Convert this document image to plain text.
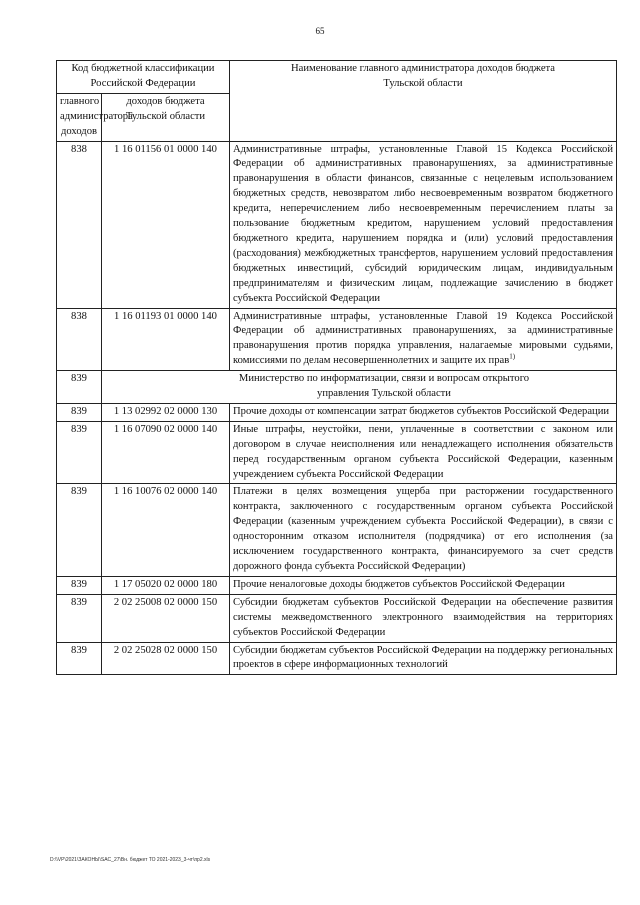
65
Код бюджетной классификации Российской Федерации		Наименование главного администратора доходов бюджета Тульской области
главного администратора доходов	доходов бюджета Тульской области	
838	1 16 01156 01 0000 140	Административные штрафы, установленные Главой 15 Кодекса Российской Федерации об административных правонарушениях, за административные правонарушения в области финансов, связанные с нецелевым использованием бюджетных средств, невозвратом либо несвоевременным возвратом бюджетного кредита, неперечислением либо несвоевременным перечислением платы за пользование бюджетным кредитом, нарушением условий предоставления бюджетного кредита, нарушением порядка и (или) условий предоставления (расходования) межбюджетных трансфертов, нарушением условий предоставления бюджетных инвестиций, субсидий юридическим лицам, индивидуальным предпринимателям и физическим лицам, подлежащие зачислению в бюджет субъекта Российской Федерации
838	1 16 01193 01 0000 140	Административные штрафы, установленные Главой 19 Кодекса Российской Федерации об административных правонарушениях, за административные правонарушения против порядка управления, налагаемые мировыми судьями, комиссиями по делам несовершеннолетних и защите их прав$^{1)}$
839	Министерство по информатизации, связи и вопросам открытого управления Тульской области	
839	1 13 02992 02 0000 130	Прочие доходы от компенсации затрат бюджетов субъектов Российской Федерации
839	1 16 07090 02 0000 140	Иные штрафы, неустойки, пени, уплаченные в соответствии с законом или договором в случае неисполнения или ненадлежащего исполнения обязательств перед государственным органом субъекта Российской Федерации, казенным учреждением субъекта Российской Федерации
839	1 16 10076 02 0000 140	Платежи в целях возмещения ущерба при расторжении государственного контракта, заключенного с государственным органом субъекта Российской Федерации (казенным учреждением субъекта Российской Федерации), в связи с односторонним отказом исполнителя (подрядчика) от его исполнения (за исключением государственного контракта, финансируемого за счет средств дорожного фонда субъекта Российской Федерации)
839	1 17 05020 02 0000 180	Прочие неналоговые доходы бюджетов субъектов Российской Федерации
839	2 02 25008 02 0000 150	Субсидии бюджетам субъектов Российской Федерации на обеспечение развития системы межведомственного электронного взаимодействия на территориях субъектов Российской Федерации
839	2 02 25028 02 0000 150	Субсидии бюджетам субъектов Российской Федерации на поддержку региональных проектов в сфере информационных технологий
D:\\VP\2021\ЗАКОНЫ\SAC_27\Вн. бюджет ТО 2021-2023_3-чт\пр2.xls
